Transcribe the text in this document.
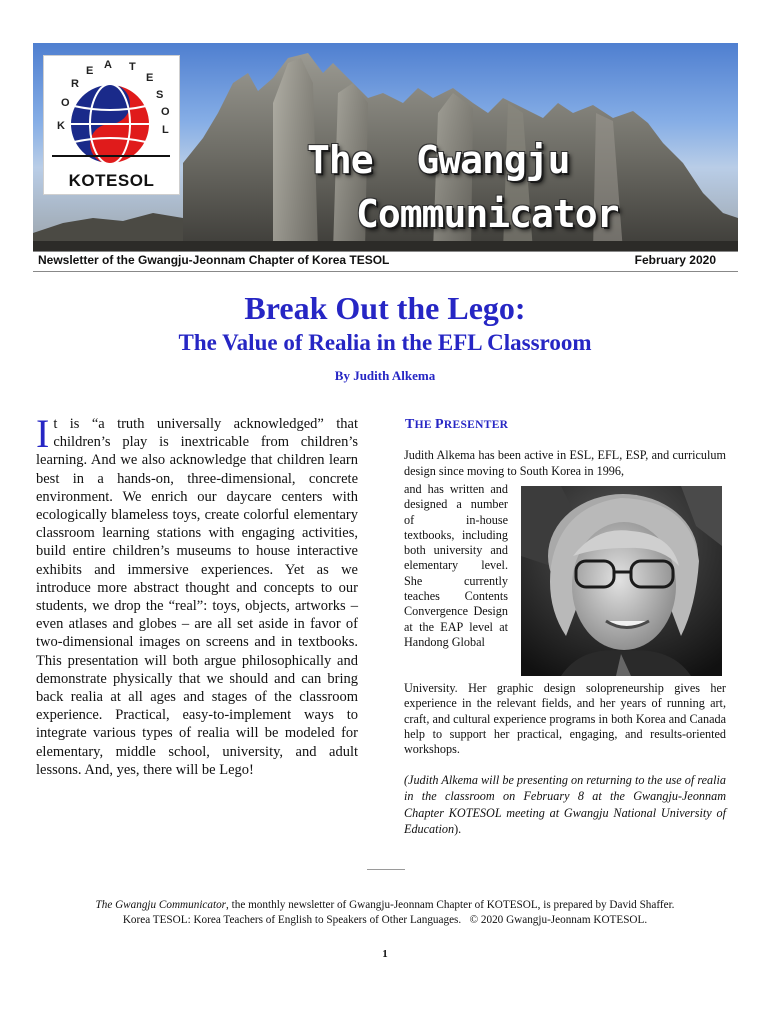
K
O
R
E A T
E
S
O
L
KOTESOL	The  Gwangju
Communicator
Newsletter of the Gwangju-Jeonnam Chapter of Korea TESOL	February 2020
Break Out the Lego:
The Value of Realia in the EFL Classroom
By Judith Alkema
It is “a truth universally acknowledged” that children’s play is inextricable from children’s learning. And we also acknowledge that children learn best in a hands-on, three-dimensional, concrete environment. We enrich our daycare centers with ecologically blameless toys, create colorful elementary classroom learning stations with engaging activities, build entire children’s museums to house interactive exhibits and immersive experiences. Yet as we introduce more abstract thought and concepts to our students, we drop the “real”: toys, objects, artworks – even atlases and globes – are all set aside in favor of two-dimensional images on screens and in textbooks. This presentation will both argue philosophically and demonstrate physically that we should and can bring back realia at all ages and stages of the classroom experience. Practical, easy-to-implement ways to integrate various types of realia will be modeled for elementary, middle school, university, and adult lessons. And, yes, there will be Lego!
THE PRESENTER
Judith Alkema has been active in ESL, EFL, ESP, and curriculum design since moving to South Korea in 1996,
and has written and designed a number of in-house textbooks, including both university and elementary level. She currently teaches Contents Convergence Design at the EAP level at Handong Global
University. Her graphic design solopreneurship gives her experience in the relevant fields, and her years of running art, craft, and cultural experience programs in both Korea and Canada help to support her practical, engaging, and results-oriented workshops.
(Judith Alkema will be presenting on returning to the use of realia in the classroom on February 8 at the Gwangju-Jeonnam Chapter KOTESOL meeting at Gwangju National University of Education).
The Gwangju Communicator, the monthly newsletter of Gwangju-Jeonnam Chapter of KOTESOL, is prepared by David Shaffer.
Korea TESOL: Korea Teachers of English to Speakers of Other Languages.   © 2020 Gwangju-Jeonnam KOTESOL.
1
